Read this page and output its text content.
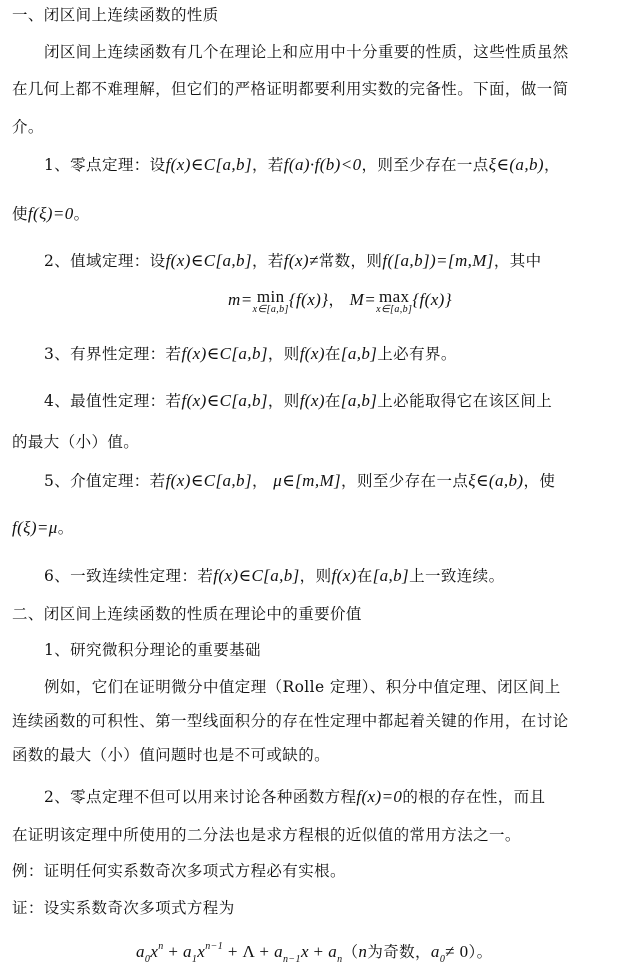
一、闭区间上连续函数的性质
闭区间上连续函数有几个在理论上和应用中十分重要的性质，这些性质虽然
在几何上都不难理解，但它们的严格证明都要利用实数的完备性。下面，做一简
介。
1、零点定理：设f(x)∈C[a,b]，若f(a)·f(b)<0，则至少存在一点ξ∈(a,b)，
使f(ξ)=0。
2、值域定理：设f(x)∈C[a,b]，若f(x)≠常数，则f([a,b])=[m,M]，其中
m= min
x∈[a,b]
{f(x)}， M= max
x∈[a,b]
{f(x)}
3、有界性定理：若f(x)∈C[a,b]，则f(x)在[a,b]上必有界。
4、最值性定理：若f(x)∈C[a,b]，则f(x)在[a,b]上必能取得它在该区间上
的最大（小）值。
5、介值定理：若f(x)∈C[a,b]， μ∈[m,M]，则至少存在一点ξ∈(a,b)，使
f(ξ)=μ。
6、一致连续性定理：若f(x)∈C[a,b]，则f(x)在[a,b]上一致连续。
二、闭区间上连续函数的性质在理论中的重要价值
1、研究微积分理论的重要基础
例如，它们在证明微分中值定理（Rolle 定理）、积分中值定理、闭区间上
连续函数的可积性、第一型线面积分的存在性定理中都起着关键的作用，在讨论
函数的最大（小）值问题时也是不可或缺的。
2、零点定理不但可以用来讨论各种函数方程f(x)=0的根的存在性，而且
在证明该定理中所使用的二分法也是求方程根的近似值的常用方法之一。
例：证明任何实系数奇次多项式方程必有实根。
证：设实系数奇次多项式方程为
$a_0x^n + a_1x^{n-1} + \Lambda + a_{n-1}x + a_n(n$为奇数，$a_0\ne 0$）。
